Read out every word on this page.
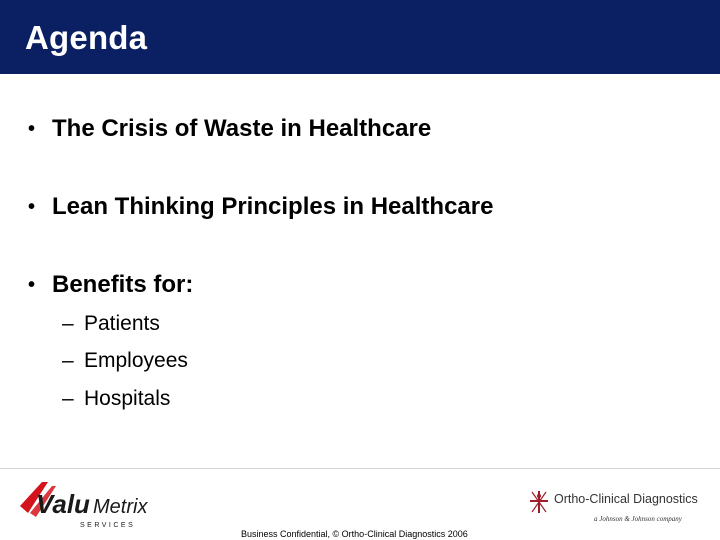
Agenda
• The Crisis of Waste in Healthcare
• Lean Thinking Principles in Healthcare
• Benefits for:
– Patients
– Employees
– Hospitals
Valu Metrix
SERVICES
Ortho-Clinical Diagnostics
a Johnson & Johnson company
Business Confidential, © Ortho-Clinical Diagnostics 2006
